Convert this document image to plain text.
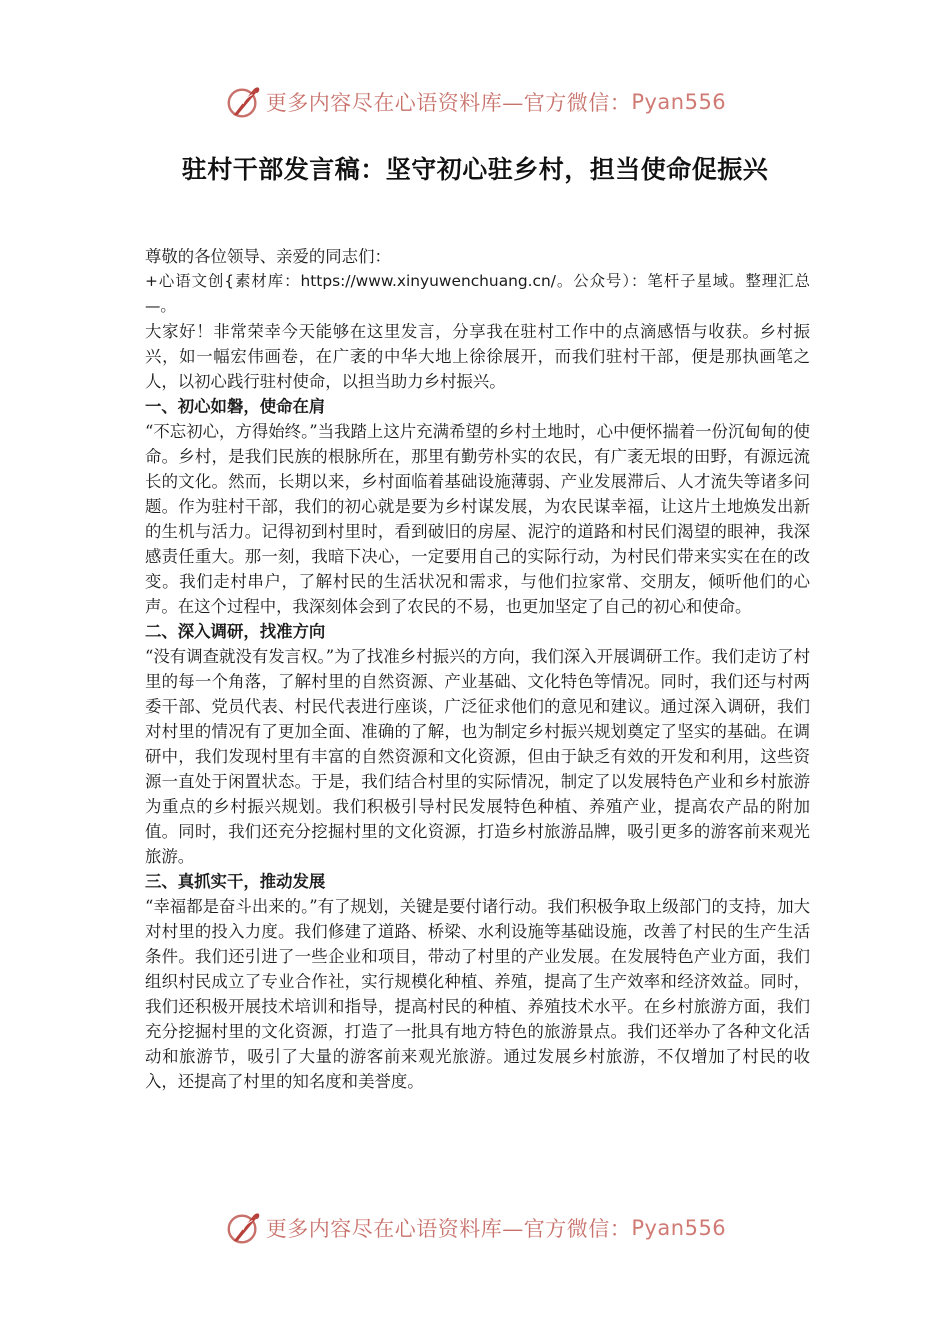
更多内容尽在心语资料库—官方微信： Pyan556
驻村干部发言稿：坚守初心驻乡村，担当使命促振兴

尊敬的各位领导、亲爱的同志们：

+心语文创{素材库：https://www.xinyuwenchuang.cn/。公众号）：笔杆子星域。整理汇总—。

大家好！非常荣幸今天能够在这里发言，分享我在驻村工作中的点滴感悟与收获。乡村振兴，如一幅宏伟画卷，在广袤的中华大地上徐徐展开，而我们驻村干部，便是那执画笔之人，以初心践行驻村使命，以担当助力乡村振兴。

一、初心如磐，使命在肩

“不忘初心，方得始终。”当我踏上这片充满希望的乡村土地时，心中便怀揣着一份沉甸甸的使命。乡村，是我们民族的根脉所在，那里有勤劳朴实的农民，有广袤无垠的田野，有源远流长的文化。然而，长期以来，乡村面临着基础设施薄弱、产业发展滞后、人才流失等诸多问题。作为驻村干部，我们的初心就是要为乡村谋发展，为农民谋幸福，让这片土地焕发出新的生机与活力。记得初到村里时，看到破旧的房屋、泥泞的道路和村民们渴望的眼神，我深感责任重大。那一刻，我暗下决心，一定要用自己的实际行动，为村民们带来实实在在的改变。我们走村串户，了解村民的生活状况和需求，与他们拉家常、交朋友，倾听他们的心声。在这个过程中，我深刻体会到了农民的不易，也更加坚定了自己的初心和使命。

二、深入调研，找准方向

“没有调查就没有发言权。”为了找准乡村振兴的方向，我们深入开展调研工作。我们走访了村里的每一个角落，了解村里的自然资源、产业基础、文化特色等情况。同时，我们还与村两委干部、党员代表、村民代表进行座谈，广泛征求他们的意见和建议。通过深入调研，我们对村里的情况有了更加全面、准确的了解，也为制定乡村振兴规划奠定了坚实的基础。在调研中，我们发现村里有丰富的自然资源和文化资源，但由于缺乏有效的开发和利用，这些资源一直处于闲置状态。于是，我们结合村里的实际情况，制定了以发展特色产业和乡村旅游为重点的乡村振兴规划。我们积极引导村民发展特色种植、养殖产业，提高农产品的附加值。同时，我们还充分挖掘村里的文化资源，打造乡村旅游品牌，吸引更多的游客前来观光旅游。

三、真抓实干，推动发展

“幸福都是奋斗出来的。”有了规划，关键是要付诸行动。我们积极争取上级部门的支持，加大对村里的投入力度。我们修建了道路、桥梁、水利设施等基础设施，改善了村民的生产生活条件。我们还引进了一些企业和项目，带动了村里的产业发展。在发展特色产业方面，我们组织村民成立了专业合作社，实行规模化种植、养殖，提高了生产效率和经济效益。同时，我们还积极开展技术培训和指导，提高村民的种植、养殖技术水平。在乡村旅游方面，我们充分挖掘村里的文化资源，打造了一批具有地方特色的旅游景点。我们还举办了各种文化活动和旅游节，吸引了大量的游客前来观光旅游。通过发展乡村旅游，不仅增加了村民的收入，还提高了村里的知名度和美誉度。

更多内容尽在心语资料库—官方微信： Pyan556
